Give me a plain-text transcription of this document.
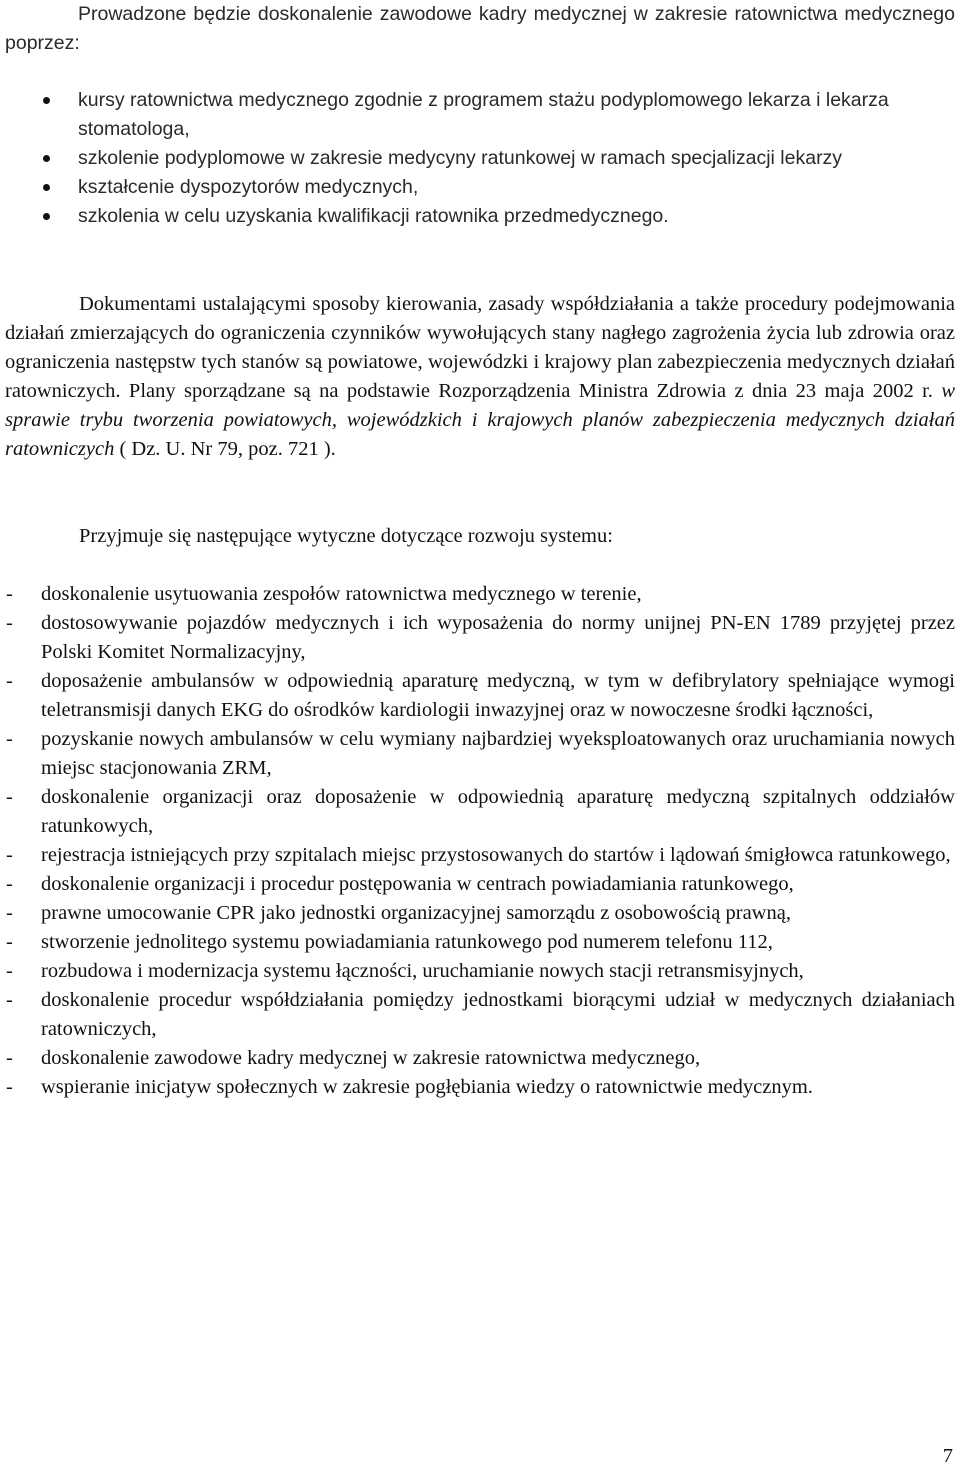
Prowadzone będzie doskonalenie zawodowe kadry medycznej w zakresie ratownictwa medycznego poprzez:

kursy ratownictwa medycznego zgodnie z programem stażu podyplomowego lekarza i lekarza stomatologa,
szkolenie podyplomowe w zakresie medycyny ratunkowej w ramach specjalizacji lekarzy
kształcenie dyspozytorów medycznych,
szkolenia w celu uzyskania kwalifikacji ratownika przedmedycznego.

Dokumentami ustalającymi sposoby kierowania, zasady współdziałania a także procedury podejmowania działań zmierzających do ograniczenia czynników wywołujących stany nagłego zagrożenia życia lub zdrowia oraz ograniczenia następstw tych stanów są powiatowe, wojewódzki i krajowy plan zabezpieczenia medycznych działań ratowniczych. Plany sporządzane są na podstawie Rozporządzenia Ministra Zdrowia z dnia 23 maja 2002 r. w sprawie trybu tworzenia powiatowych, wojewódzkich i krajowych planów zabezpieczenia medycznych działań ratowniczych ( Dz. U. Nr 79, poz. 721 ).

Przyjmuje się następujące wytyczne dotyczące rozwoju systemu:

- doskonalenie usytuowania zespołów ratownictwa medycznego w terenie,
- dostosowywanie pojazdów medycznych i ich wyposażenia do normy unijnej PN-EN 1789 przyjętej przez Polski Komitet Normalizacyjny,
- doposażenie ambulansów w odpowiednią aparaturę medyczną, w tym w defibrylatory spełniające wymogi teletransmisji danych EKG do ośrodków kardiologii inwazyjnej oraz w nowoczesne środki łączności,
- pozyskanie nowych ambulansów w celu wymiany najbardziej wyeksploatowanych oraz uruchamiania nowych miejsc stacjonowania ZRM,
- doskonalenie organizacji oraz doposażenie w odpowiednią aparaturę medyczną szpitalnych oddziałów ratunkowych,
- rejestracja istniejących przy szpitalach miejsc przystosowanych do startów i lądowań śmigłowca ratunkowego,
- doskonalenie organizacji i procedur postępowania w centrach powiadamiania ratunkowego,
- prawne umocowanie CPR jako jednostki organizacyjnej samorządu z osobowością prawną,
- stworzenie jednolitego systemu powiadamiania ratunkowego pod numerem telefonu 112,
- rozbudowa i modernizacja systemu łączności, uruchamianie nowych stacji retransmisyjnych,
- doskonalenie procedur współdziałania pomiędzy jednostkami biorącymi udział w medycznych działaniach ratowniczych,
- doskonalenie zawodowe kadry medycznej w zakresie ratownictwa medycznego,
- wspieranie inicjatyw społecznych w zakresie pogłębiania wiedzy o ratownictwie medycznym.
7
